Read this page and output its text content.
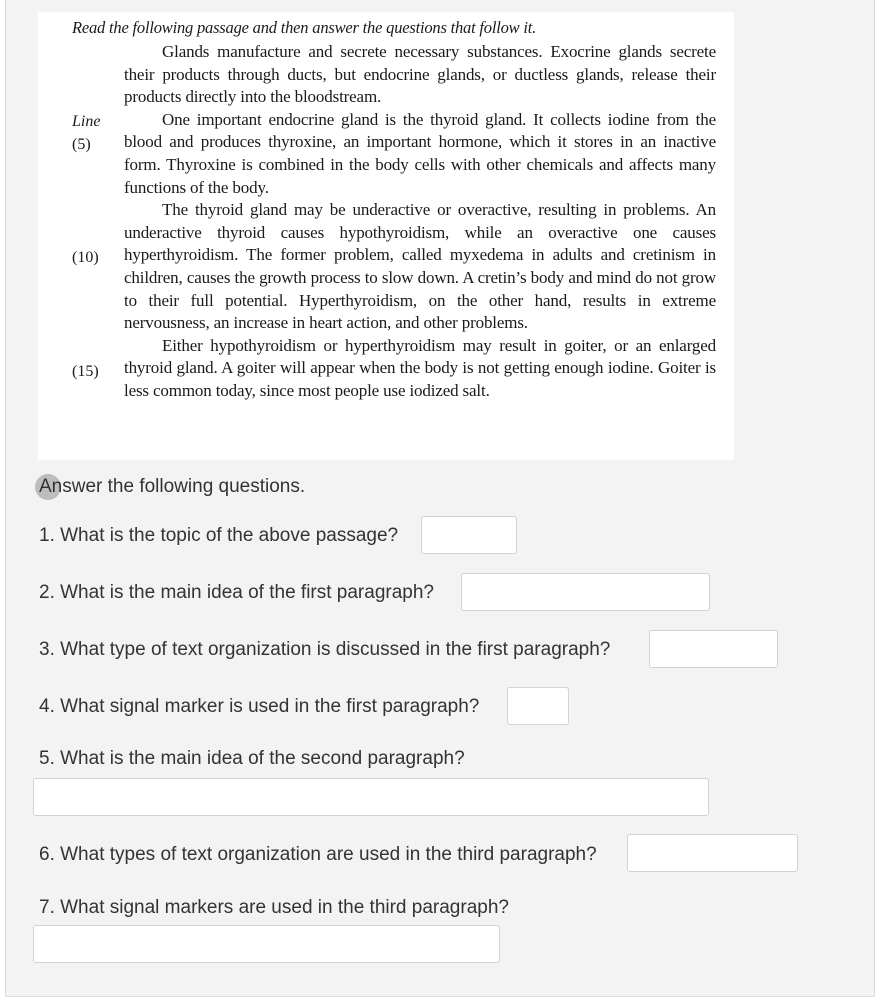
Read the following passage and then answer the questions that follow it.
Line
(5)
(10)
(15)

Glands manufacture and secrete necessary substances. Exocrine glands secrete their products through ducts, but endocrine glands, or ductless glands, release their products directly into the bloodstream.

One important endocrine gland is the thyroid gland. It collects iodine from the blood and produces thyroxine, an important hormone, which it stores in an inactive form. Thyroxine is combined in the body cells with other chemicals and affects many functions of the body.

The thyroid gland may be underactive or overactive, resulting in problems. An underactive thyroid causes hypothyroidism, while an overactive one causes hyperthyroidism. The former problem, called myxedema in adults and cretinism in children, causes the growth process to slow down. A cretin’s body and mind do not grow to their full potential. Hyperthyroidism, on the other hand, results in extreme nervousness, an increase in heart action, and other problems.

Either hypothyroidism or hyperthyroidism may result in goiter, or an enlarged thyroid gland. A goiter will appear when the body is not getting enough iodine. Goiter is less common today, since most people use iodized salt.

Answer the following questions.
1. What is the topic of the above passage?
2. What is the main idea of the first paragraph?
3. What type of text organization is discussed in the first paragraph?
4. What signal marker is used in the first paragraph?
5. What is the main idea of the second paragraph?
6. What types of text organization are used in the third paragraph?
7. What signal markers are used in the third paragraph?
